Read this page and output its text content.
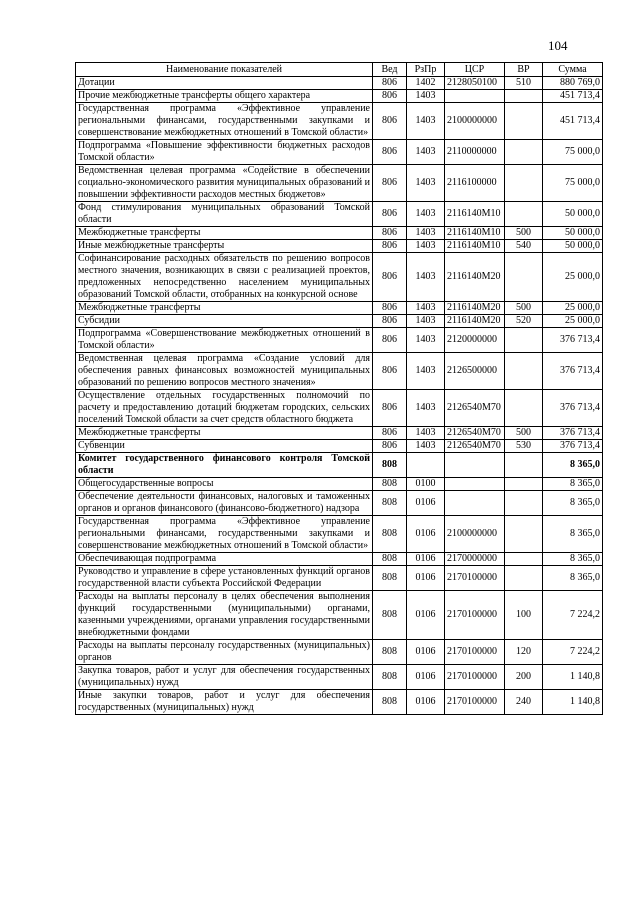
104
Наименование показателей	Вед	РзПр	ЦСР	ВР	Сумма
Дотации	806	1402	2128050100	510	880 769,0
Прочие межбюджетные трансферты общего характера	806	1403			451 713,4
Государственная программа «Эффективное управление региональными финансами, государственными закупками и совершенствование межбюджетных отношений в Томской области»	806	1403	2100000000		451 713,4
Подпрограмма «Повышение эффективности бюджетных расходов Томской области»	806	1403	2110000000		75 000,0
Ведомственная целевая программа «Содействие в обеспечении социально-экономического развития муниципальных образований и повышении эффективности расходов местных бюджетов»	806	1403	2116100000		75 000,0
Фонд стимулирования муниципальных образований Томской области	806	1403	2116140М10		50 000,0
Межбюджетные трансферты	806	1403	2116140М10	500	50 000,0
Иные межбюджетные трансферты	806	1403	2116140М10	540	50 000,0
Софинансирование расходных обязательств по решению вопросов местного значения, возникающих в связи с реализацией проектов, предложенных непосредственно населением муниципальных образований Томской области, отобранных на конкурсной основе	806	1403	2116140М20		25 000,0
Межбюджетные трансферты	806	1403	2116140М20	500	25 000,0
Субсидии	806	1403	2116140М20	520	25 000,0
Подпрограмма «Совершенствование межбюджетных отношений в Томской области»	806	1403	2120000000		376 713,4
Ведомственная целевая программа «Создание условий для обеспечения равных финансовых возможностей муниципальных образований по решению вопросов местного значения»	806	1403	2126500000		376 713,4
Осуществление отдельных государственных полномочий по расчету и предоставлению дотаций бюджетам городских, сельских поселений Томской области за счет средств областного бюджета	806	1403	2126540М70		376 713,4
Межбюджетные трансферты	806	1403	2126540М70	500	376 713,4
Субвенции	806	1403	2126540М70	530	376 713,4
Комитет государственного финансового контроля Томской области	808				8 365,0
Общегосударственные вопросы	808	0100			8 365,0
Обеспечение деятельности финансовых, налоговых и таможенных органов и органов финансового (финансово-бюджетного) надзора	808	0106			8 365,0
Государственная программа «Эффективное управление региональными финансами, государственными закупками и совершенствование межбюджетных отношений в Томской области»	808	0106	2100000000		8 365,0
Обеспечивающая подпрограмма	808	0106	2170000000		8 365,0
Руководство и управление в сфере установленных функций органов государственной власти субъекта Российской Федерации	808	0106	2170100000		8 365,0
Расходы на выплаты персоналу в целях обеспечения выполнения функций государственными (муниципальными) органами, казенными учреждениями, органами управления государственными внебюджетными фондами	808	0106	2170100000	100	7 224,2
Расходы на выплаты персоналу государственных (муниципальных) органов	808	0106	2170100000	120	7 224,2
Закупка товаров, работ и услуг для обеспечения государственных (муниципальных) нужд	808	0106	2170100000	200	1 140,8
Иные закупки товаров, работ и услуг для обеспечения государственных (муниципальных) нужд	808	0106	2170100000	240	1 140,8
